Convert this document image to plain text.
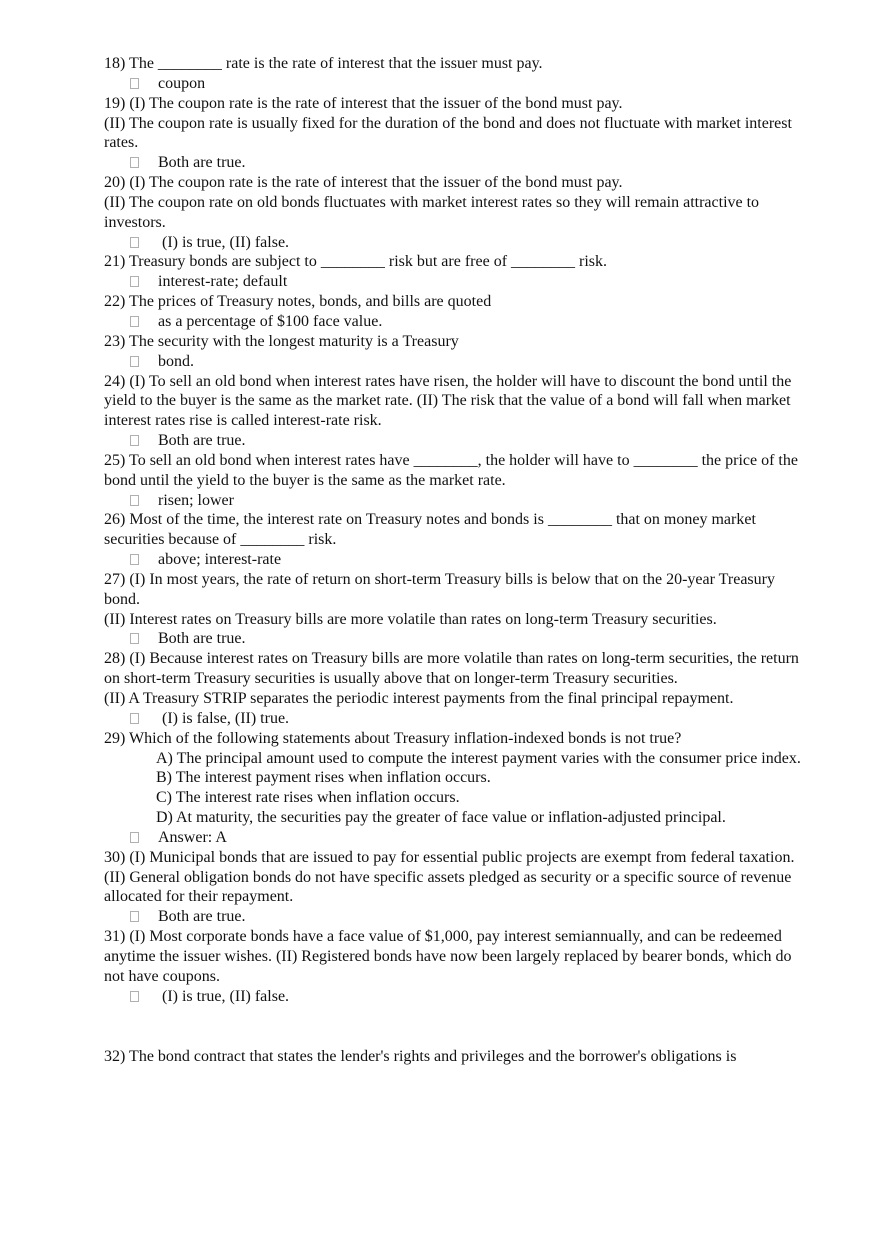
18) The ________ rate is the rate of interest that the issuer must pay.

coupon

19) (I) The coupon rate is the rate of interest that the issuer of the bond must pay.

(II) The coupon rate is usually fixed for the duration of the bond and does not fluctuate with market interest rates.

Both are true.

20) (I) The coupon rate is the rate of interest that the issuer of the bond must pay.

(II) The coupon rate on old bonds fluctuates with market interest rates so they will remain attractive to investors.

(I) is true, (II) false.

21) Treasury bonds are subject to ________ risk but are free of ________ risk.

interest-rate; default

22) The prices of Treasury notes, bonds, and bills are quoted

as a percentage of $100 face value.

23) The security with the longest maturity is a Treasury

bond.

24) (I) To sell an old bond when interest rates have risen, the holder will have to discount the bond until the yield to the buyer is the same as the market rate. (II) The risk that the value of a bond will fall when market interest rates rise is called interest-rate risk.

Both are true.

25) To sell an old bond when interest rates have ________, the holder will have to ________ the price of the bond until the yield to the buyer is the same as the market rate.

risen; lower

26) Most of the time, the interest rate on Treasury notes and bonds is ________ that on money market securities because of ________ risk.

above; interest-rate

27) (I) In most years, the rate of return on short-term Treasury bills is below that on the 20-year Treasury bond.

(II) Interest rates on Treasury bills are more volatile than rates on long-term Treasury securities.

Both are true.

28) (I) Because interest rates on Treasury bills are more volatile than rates on long-term securities, the return on short-term Treasury securities is usually above that on longer-term Treasury securities.

(II) A Treasury STRIP separates the periodic interest payments from the final principal repayment.

(I) is false, (II) true.

29) Which of the following statements about Treasury inflation-indexed bonds is not true?

A) The principal amount used to compute the interest payment varies with the consumer price index.

B) The interest payment rises when inflation occurs.

C) The interest rate rises when inflation occurs.

D) At maturity, the securities pay the greater of face value or inflation-adjusted principal.

Answer: A

30) (I) Municipal bonds that are issued to pay for essential public projects are exempt from federal taxation. (II) General obligation bonds do not have specific assets pledged as security or a specific source of revenue allocated for their repayment.

Both are true.

31) (I) Most corporate bonds have a face value of $1,000, pay interest semiannually, and can be redeemed anytime the issuer wishes. (II) Registered bonds have now been largely replaced by bearer bonds, which do not have coupons.

(I) is true, (II) false.

32) The bond contract that states the lender's rights and privileges and the borrower's obligations is
